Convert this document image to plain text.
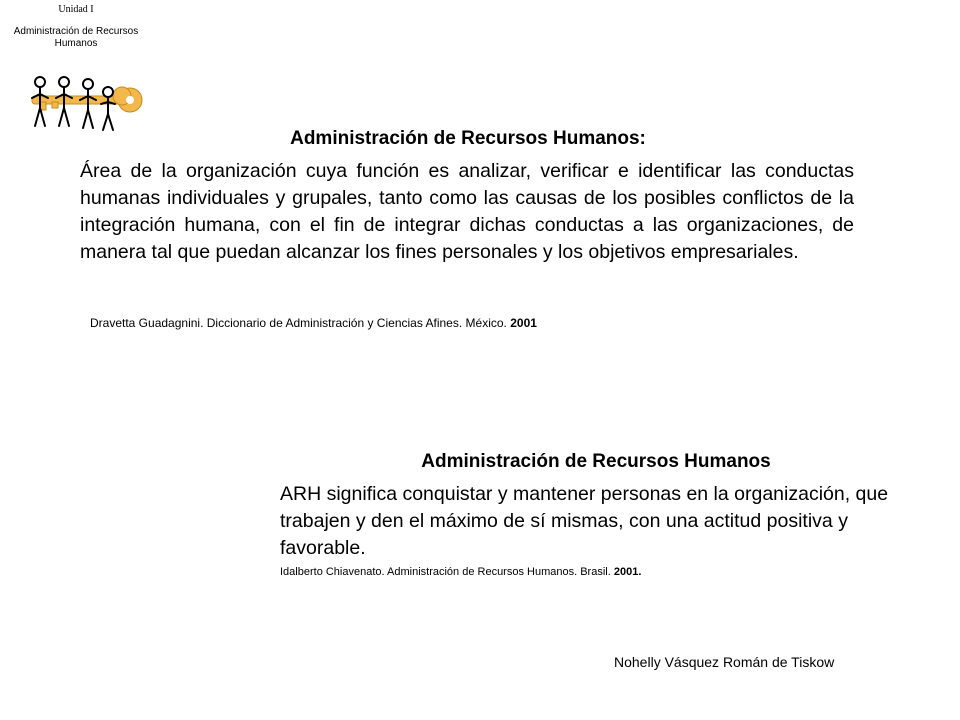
Unidad I
Administración de Recursos Humanos
Administración de Recursos Humanos:
Área de la organización cuya función es analizar, verificar e identificar las conductas humanas individuales y grupales, tanto como las causas de los posibles conflictos de la integración humana, con el fin de integrar dichas conductas a las organizaciones, de manera tal que puedan alcanzar los fines personales y los objetivos empresariales.
Dravetta Guadagnini. Diccionario de Administración y Ciencias Afines. México. 2001
Administración de Recursos Humanos
ARH significa conquistar y mantener personas en la organización, que trabajen y den el máximo de sí mismas, con una actitud positiva y favorable.
Idalberto Chiavenato. Administración de Recursos Humanos. Brasil. 2001.
Nohelly Vásquez Román de Tiskow
